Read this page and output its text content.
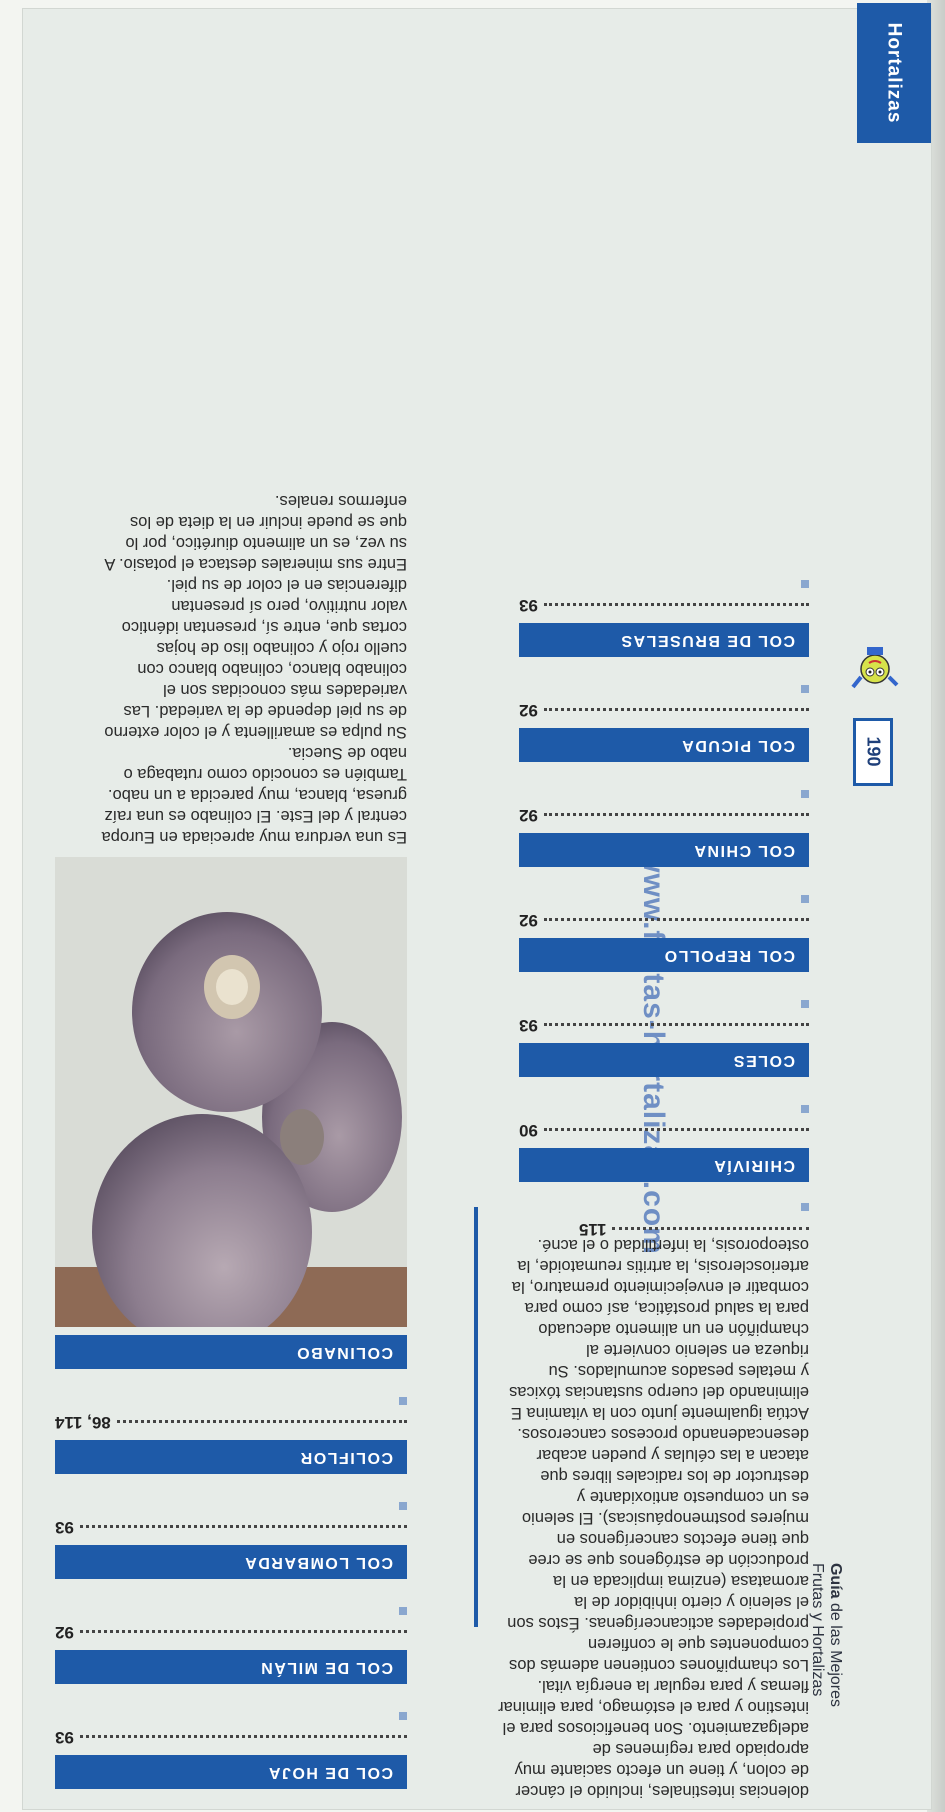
Hortalizas
Guía de las Mejores
Frutas y Hortalizas
190

dolencias intestinales, incluido el cáncer
de colon, y tiene un efecto saciante muy
apropiado para regímenes de
adelgazamiento. Son beneficiosos para el
intestino y para el estómago, para eliminar
flemas y para regular la energía vital.
Los champiñones contienen además dos
componentes que le confieren
propiedades acticancerígenas. Éstos son
el selenio y cierto inhibidor de la
aromatasa (enzima implicada en la
producción de estrógenos que se cree
que tiene efectos cancerígenos en
mujeres postmenopáusicas). El selenio
es un compuesto antioxidante y
destructor de los radicales libres que
atacan a las células y pueden acabar
desencadenando procesos cancerosos.
Actúa igualmente junto con la vitamina E
eliminando del cuerpo sustancias tóxicas
y metales pesados acumulados. Su
riqueza en selenio convierte al
champiñón en un alimento adecuado
para la salud prostática, así como para
combatir el envejecimiento prematuro, la
arteriosclerosis, la artritis reumatoide, la
osteoporosis, la infertilidad o el acné.

115
CHIRIVÍA
90
COLES
93
COL REPOLLO
92
COL CHINA
92
COL PICUDA
92
COL DE BRUSELAS
93
COL DE HOJA
93
COL DE MILÁN
92
COL LOMBARDA
93
COLIFLOR
86, 114
COLINABO

Es una verdura muy apreciada en Europa
central y del Este. El colinabo es una raíz
gruesa, blanca, muy parecida a un nabo.
También es conocido como rutabaga o
nabo de Suecia.
Su pulpa es amarillenta y el color externo
de su piel depende de la variedad. Las
variedades más conocidas son el
colinabo blanco, colinabo blanco con
cuello rojo y colinabo liso de hojas
cortas que, entre sí, presentan idéntico
valor nutritivo, pero sí presentan
diferencias en el color de su piel.
Entre sus minerales destaca el potasio. A
su vez, es un alimento diurético, por lo
que se puede incluir en la dieta de los
enfermos renales.
